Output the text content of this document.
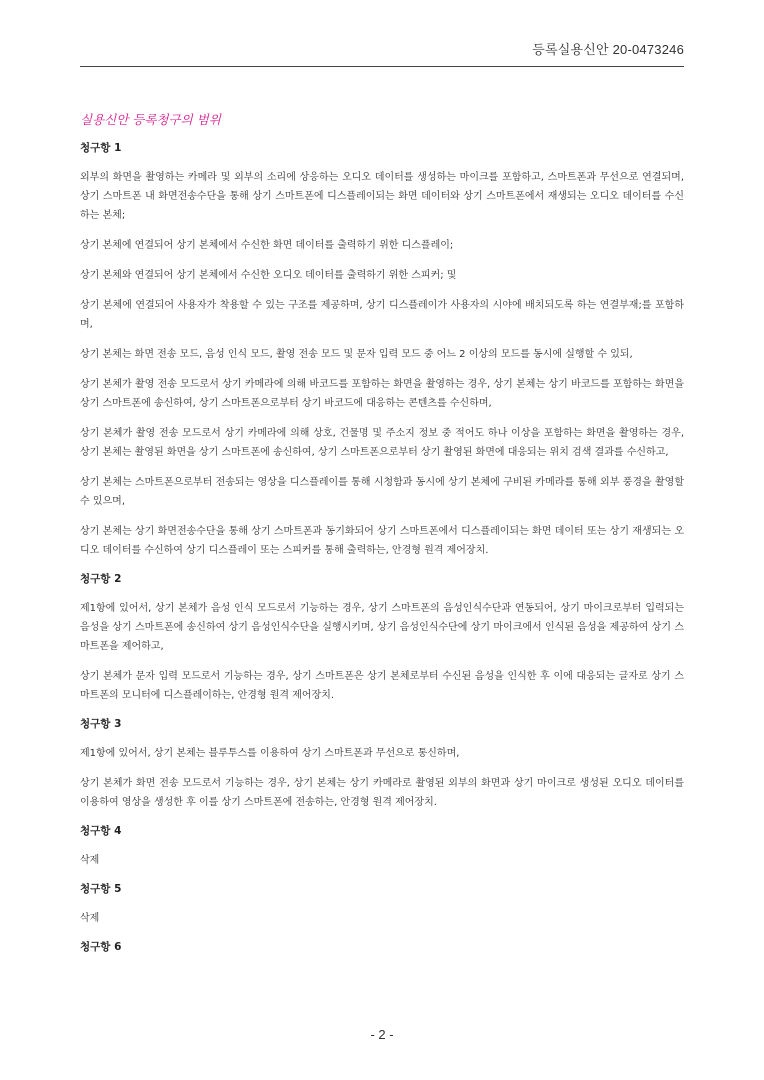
등록실용신안 20-0473246
실용신안 등록청구의 범위
청구항 1
외부의 화면을 촬영하는 카메라 및 외부의 소리에 상응하는 오디오 데이터를 생성하는 마이크를 포함하고, 스마트폰과 무선으로 연결되며, 상기 스마트폰 내 화면전송수단을 통해 상기 스마트폰에 디스플레이되는 화면 데이터와 상기 스마트폰에서 재생되는 오디오 데이터를 수신하는 본체;
상기 본체에 연결되어 상기 본체에서 수신한 화면 데이터를 출력하기 위한 디스플레이;
상기 본체와 연결되어 상기 본체에서 수신한 오디오 데이터를 출력하기 위한 스피커; 및
상기 본체에 연결되어 사용자가 착용할 수 있는 구조를 제공하며, 상기 디스플레이가 사용자의 시야에 배치되도록 하는 연결부재;를 포함하며,
상기 본체는 화면 전송 모드, 음성 인식 모드, 촬영 전송 모드 및 문자 입력 모드 중 어느 2 이상의 모드를 동시에 실행할 수 있되,
상기 본체가 촬영 전송 모드로서 상기 카메라에 의해 바코드를 포함하는 화면을 촬영하는 경우, 상기 본체는 상기 바코드를 포함하는 화면을 상기 스마트폰에 송신하여, 상기 스마트폰으로부터 상기 바코드에 대응하는 콘텐츠를 수신하며,
상기 본체가 촬영 전송 모드로서 상기 카메라에 의해 상호, 건물명 및 주소지 정보 중 적어도 하나 이상을 포함하는 화면을 촬영하는 경우, 상기 본체는 촬영된 화면을 상기 스마트폰에 송신하여, 상기 스마트폰으로부터 상기 촬영된 화면에 대응되는 위치 검색 결과를 수신하고,
상기 본체는 스마트폰으로부터 전송되는 영상을 디스플레이를 통해 시청함과 동시에 상기 본체에 구비된 카메라를 통해 외부 풍경을 촬영할 수 있으며,
상기 본체는 상기 화면전송수단을 통해 상기 스마트폰과 동기화되어 상기 스마트폰에서 디스플레이되는 화면 데이터 또는 상기 재생되는 오디오 데이터를 수신하여 상기 디스플레이 또는 스피커를 통해 출력하는, 안경형 원격 제어장치.
청구항 2
제1항에 있어서, 상기 본체가 음성 인식 모드로서 기능하는 경우, 상기 스마트폰의 음성인식수단과 연동되어, 상기 마이크로부터 입력되는 음성을 상기 스마트폰에 송신하여 상기 음성인식수단을 실행시키며, 상기 음성인식수단에 상기 마이크에서 인식된 음성을 제공하여 상기 스마트폰을 제어하고,
상기 본체가 문자 입력 모드로서 기능하는 경우, 상기 스마트폰은 상기 본체로부터 수신된 음성을 인식한 후 이에 대응되는 글자로 상기 스마트폰의 모니터에 디스플레이하는, 안경형 원격 제어장치.
청구항 3
제1항에 있어서, 상기 본체는 블루투스를 이용하여 상기 스마트폰과 무선으로 통신하며,
상기 본체가 화면 전송 모드로서 기능하는 경우, 상기 본체는 상기 카메라로 촬영된 외부의 화면과 상기 마이크로 생성된 오디오 데이터를 이용하여 영상을 생성한 후 이를 상기 스마트폰에 전송하는, 안경형 원격 제어장치.
청구항 4
삭제
청구항 5
삭제
청구항 6
- 2 -
